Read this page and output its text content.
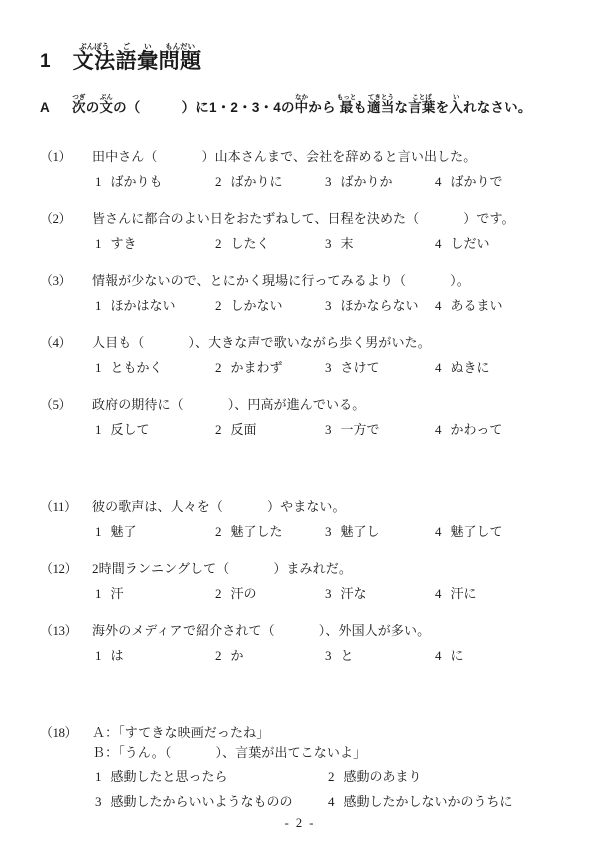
1 文法ぶんぽう語ご彙い問題もんだい
A 次つぎの文ぶんの（　　　）に1・2・3・4の中なかから 最もっとも適当てきとうな言葉ことばを入いれなさい。
（1）	田中さん（	）山本さんまで、会社を辞めると言い出した。
1 ばかりも	2 ばかりに	3 ばかりか	4 ばかりで
（2）	皆さんに都合のよい日をおたずねして、日程を決めた（	）です。
1 すき	2 したく	3 末	4 しだい
（3）	情報が少ないので、とにかく現場に行ってみるより（	）。
1 ほかはない	2 しかない	3 ほかならない 4 あるまい
（4）	人目も（	）、大きな声で歌いながら歩く男がいた。
1 ともかく	2 かまわず	3 さけて	4 ぬきに
（5）	政府の期待に（	）、円高が進んでいる。
1 反して	2 反面	3 一方で	4 かわって
（11）	彼の歌声は、人々を（	）やまない。
1 魅了	2 魅了した	3 魅了し	4 魅了して
（12）	2時間ランニングして（	）まみれだ。
1 汗	2 汗の	3 汗な	4 汗に
（13）	海外のメディアで紹介されて（	）、外国人が多い。
1 は	2 か	3 と	4 に
（18）	Ａ：「すてきな映画だったね」
Ｂ：「うん。（	）、言葉が出てこないよ」
1 感動したと思ったら	2 感動のあまり
3 感動したからいいようなものの	4 感動したかしないかのうちに
- 2 -
